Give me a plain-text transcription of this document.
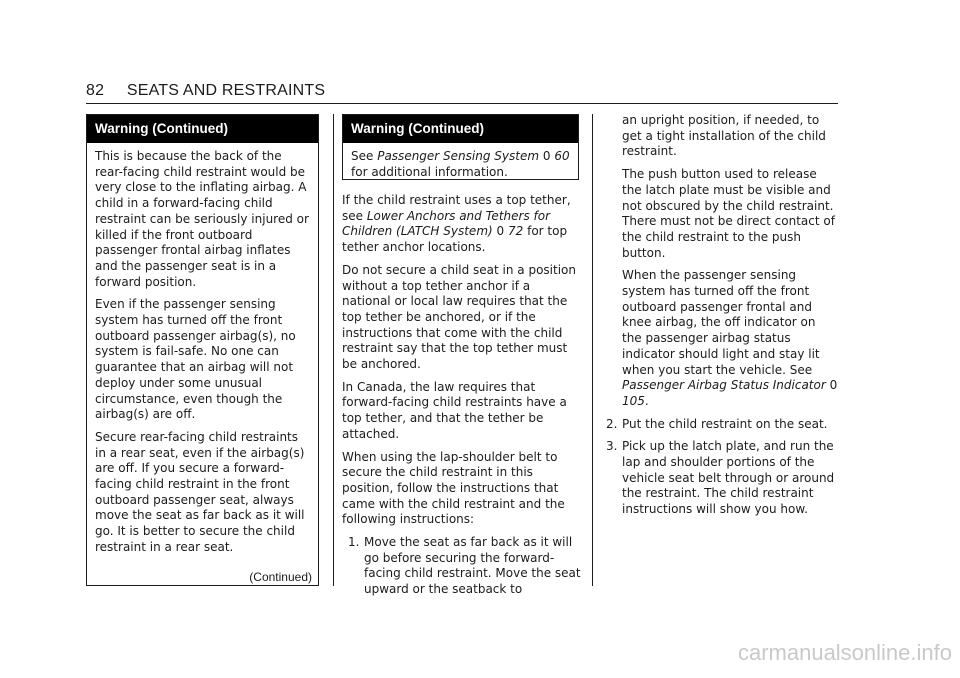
82 SEATS AND RESTRAINTS
Warning (Continued)

This is because the back of the rear-facing child restraint would be very close to the inflating airbag. A child in a forward-facing child restraint can be seriously injured or killed if the front outboard passenger frontal airbag inflates and the passenger seat is in a forward position.

Even if the passenger sensing system has turned off the front outboard passenger airbag(s), no system is fail-safe. No one can guarantee that an airbag will not deploy under some unusual circumstance, even though the airbag(s) are off.

Secure rear-facing child restraints in a rear seat, even if the airbag(s) are off. If you secure a forward-facing child restraint in the front outboard passenger seat, always move the seat as far back as it will go. It is better to secure the child restraint in a rear seat.

(Continued)
Warning (Continued)

See Passenger Sensing System 0 60
for additional information.

If the child restraint uses a top tether, see Lower Anchors and Tethers for Children (LATCH System) 0 72 for top tether anchor locations.

Do not secure a child seat in a position without a top tether anchor if a national or local law requires that the top tether be anchored, or if the instructions that come with the child restraint say that the top tether must be anchored.

In Canada, the law requires that forward-facing child restraints have a top tether, and that the tether be attached.

When using the lap-shoulder belt to secure the child restraint in this position, follow the instructions that came with the child restraint and the following instructions:

1. Move the seat as far back as it will go before securing the forward-facing child restraint. Move the seat upward or the seatback to

an upright position, if needed, to get a tight installation of the child restraint.

The push button used to release the latch plate must be visible and not obscured by the child restraint. There must not be direct contact of the child restraint to the push button.

When the passenger sensing system has turned off the front outboard passenger frontal and knee airbag, the off indicator on the passenger airbag status indicator should light and stay lit when you start the vehicle. See Passenger Airbag Status Indicator 0 105.

2. Put the child restraint on the seat.
3. Pick up the latch plate, and run the lap and shoulder portions of the vehicle seat belt through or around the restraint. The child restraint instructions will show you how.
carmanualsonline.info
